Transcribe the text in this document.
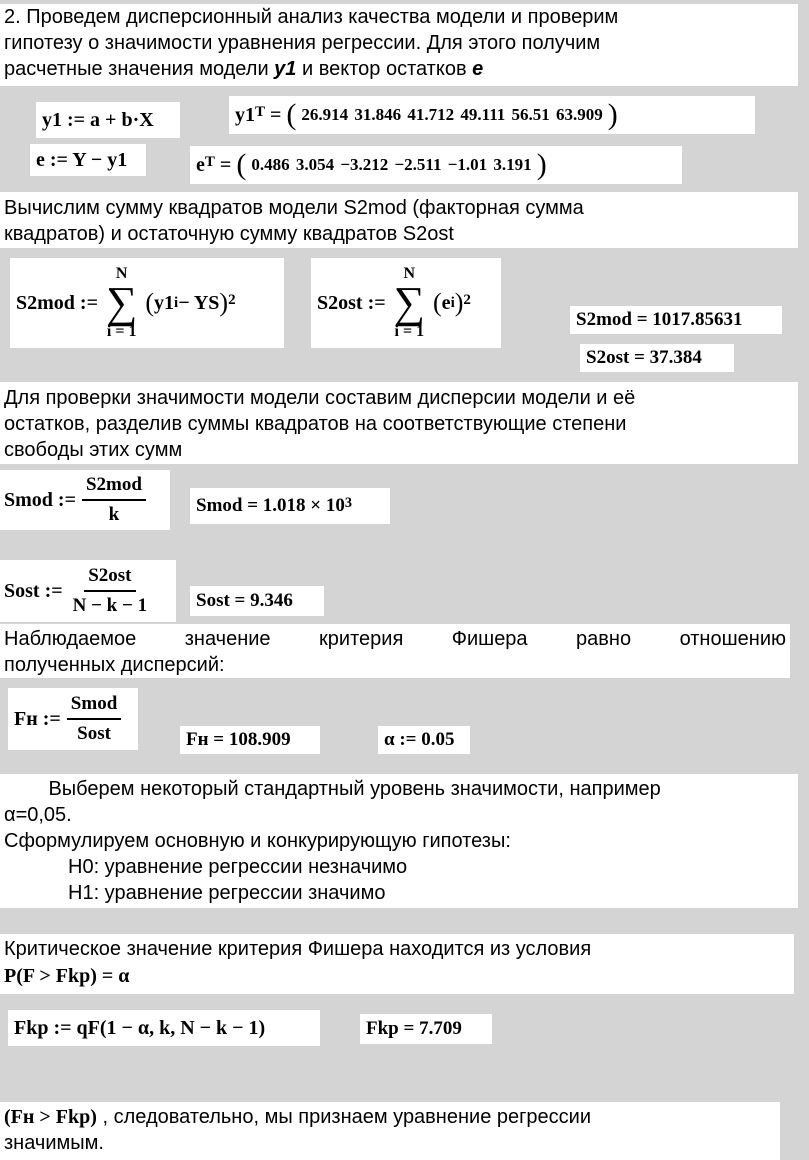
2. Проведем дисперсионный анализ качества модели и проверим
гипотезу о значимости уравнения регрессии. Для этого получим
расчетные значения модели y1 и вектор остатков e
y1 := a + b·X	$y1^T$ = (
26.914 31.846 41.712 49.111 56.51 63.909
)
e := Y − y1	$e^T$ = (
0.486 3.054 −3.212 −2.511 −1.01 3.191
)
Вычислим сумму квадратов модели S2mod (факторная сумма
квадратов) и остаточную сумму квадратов S2ost
S2mod :=
N
∑
i = 1
( y1 i − YS )$^2$	S2ost :=
N
∑
i = 1
( e i )$^2$
S2mod = 1017.85631
S2ost = 37.384
Для проверки значимости модели составим дисперсии модели и её
остатков, разделив суммы квадратов на соответствующие степени
свободы этих сумм
Smod := $\frac{\text{S2mod}}{k}$	Smod = $1.018 \times 10^3$
Sost := $\frac{\text{S2ost}}{N - k - 1}$ Sost = 9.346
Наблюдаемое значение критерия Фишера равно отношению
полученных дисперсий:
Fн := $\frac{\text{Smod}}{\text{Sost}}$	Fн = 108.909	α := 0.05
Выберем некоторый стандартный уровень значимости, например
α=0,05.
Сформулируем основную и конкурирующую гипотезы:
H0: уравнение регрессии незначимо
H1: уравнение регрессии значимо
Критическое значение критерия Фишера находится из условия
P(F > Fkp) = α
Fkp := qF(1 − α, k, N − k − 1)	Fkp = 7.709
(Fн > Fkp) , следовательно, мы признаем уравнение регрессии
значимым.
